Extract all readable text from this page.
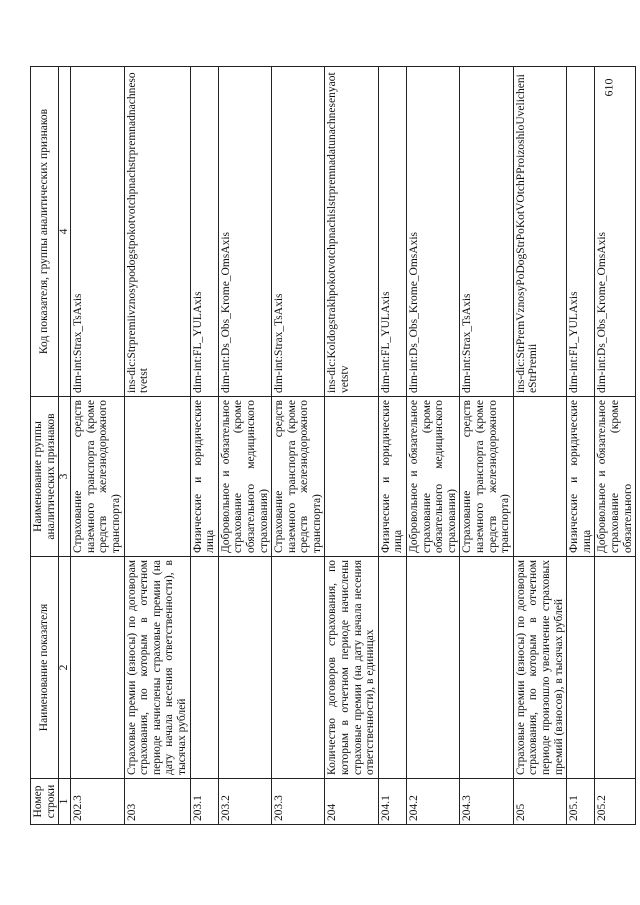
610
Номер строки	Наименование показателя	Наименование группы аналитических признаков	Код показателя, группы аналитических признаков
1	2	3	4
202.3		Страхование средств наземного транспорта (кроме средств железнодорожного транспорта)	dim-int:Strax_TsAxis
203	Страховые премии (взносы) по договорам страхования, по которым в отчетном периоде начислены страховые премии (на дату начала несения ответственности), в тысячах рублей		ins-dic:Strpremiivznosypodogstpokotvotchpnachstrpremnadnachnesotvetst
203.1		Физические и юридические лица	dim-int:FL_YULAxis
203.2		Добровольное и обязательное страхование (кроме обязательного медицинского страхования)	dim-int:Ds_Obs_Krome_OmsAxis
203.3		Страхование средств наземного транспорта (кроме средств железнодорожного транспорта)	dim-int:Strax_TsAxis
204	Количество договоров страхования, по которым в отчетном периоде начислены страховые премии (на дату начала несения ответственности), в единицах		ins-dic:Koldogstrakhpokotvotchpnachislstrpremnadatunachnesenyaotvetstv
204.1		Физические и юридические лица	dim-int:FL_YULAxis
204.2		Добровольное и обязательное страхование (кроме обязательного медицинского страхования)	dim-int:Ds_Obs_Krome_OmsAxis
204.3		Страхование средств наземного транспорта (кроме средств железнодорожного транспорта)	dim-int:Strax_TsAxis
205	Страховые премии (взносы) по договорам страхования, по которым в отчетном периоде произошло увеличение страховых премий (взносов), в тысячах рублей		ins-dic:StrPremVznosyPoDogStrPoKotVOtchPProizoshloUvelichenieStrPremii
205.1		Физические и юридические лица	dim-int:FL_YULAxis
205.2		Добровольное и обязательное страхование (кроме обязательного	dim-int:Ds_Obs_Krome_OmsAxis
